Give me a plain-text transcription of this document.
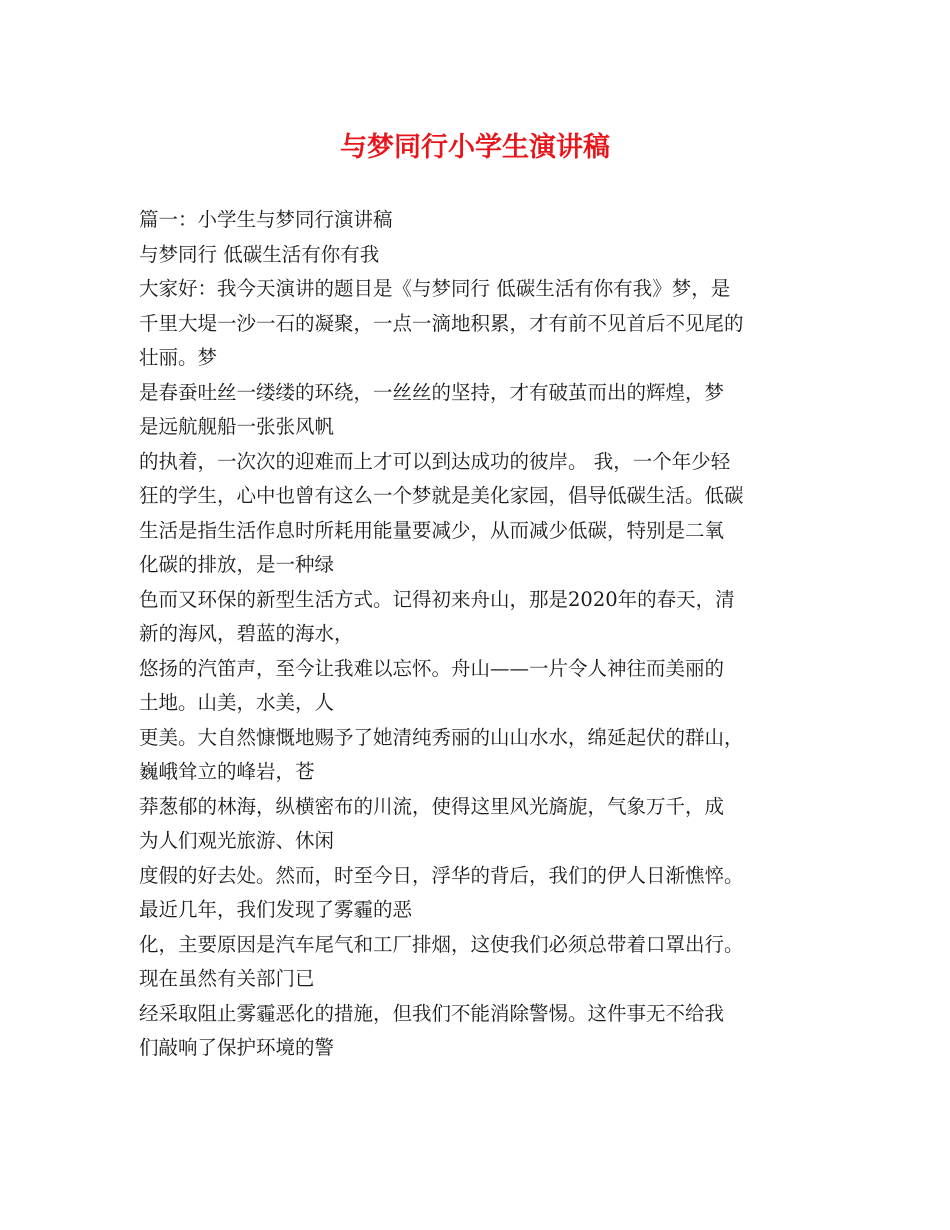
与梦同行小学生演讲稿

篇一：小学生与梦同行演讲稿

与梦同行 低碳生活有你有我

大家好：我今天演讲的题目是《与梦同行 低碳生活有你有我》梦，是

千里大堤一沙一石的凝聚，一点一滴地积累，才有前不见首后不见尾的

壮丽。梦

是春蚕吐丝一缕缕的环绕，一丝丝的坚持，才有破茧而出的辉煌，梦

是远航舰船一张张风帆

的执着，一次次的迎难而上才可以到达成功的彼岸。 我，一个年少轻

狂的学生，心中也曾有这么一个梦就是美化家园，倡导低碳生活。低碳

生活是指生活作息时所耗用能量要减少，从而减少低碳，特别是二氧

化碳的排放，是一种绿

色而又环保的新型生活方式。记得初来舟山，那是2020年的春天，清

新的海风，碧蓝的海水，

悠扬的汽笛声，至今让我难以忘怀。舟山——一片令人神往而美丽的

土地。山美，水美，人

更美。大自然慷慨地赐予了她清纯秀丽的山山水水，绵延起伏的群山，

巍峨耸立的峰岩，苍

莽葱郁的林海，纵横密布的川流，使得这里风光旖旎，气象万千，成

为人们观光旅游、休闲

度假的好去处。然而，时至今日，浮华的背后，我们的伊人日渐憔悴。

最近几年，我们发现了雾霾的恶

化，主要原因是汽车尾气和工厂排烟，这使我们必须总带着口罩出行。

现在虽然有关部门已

经采取阻止雾霾恶化的措施，但我们不能消除警惕。这件事无不给我

们敲响了保护环境的警
